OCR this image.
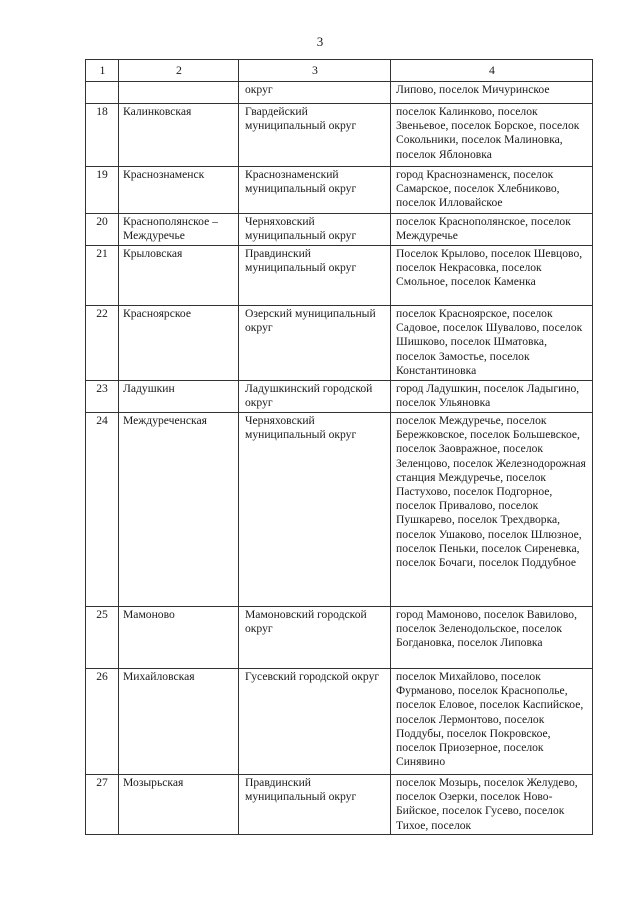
3
1	2	3	4
		округ	Липово, поселок Мичуринское
18	Калинковская	Гвардейский муниципальный округ	поселок Калинково, поселок Звеньевое, поселок Борское, поселок Сокольники, поселок Малиновка, поселок Яблоновка
19	Краснознаменск	Краснознаменский муниципальный округ	город Краснознаменск, поселок Самарское, поселок Хлебниково, поселок Илловайское
20	Краснополянское – Междуречье	Черняховский муниципальный округ	поселок Краснополянское, поселок Междуречье
21	Крыловская	Правдинский муниципальный округ	Поселок Крылово, поселок Шевцово, поселок Некрасовка, поселок Смольное, поселок Каменка
22	Красноярское	Озерский муниципальный округ	поселок Красноярское, поселок Садовое, поселок Шувалово, поселок Шишково, поселок Шматовка, поселок Замостье, поселок Константиновка
23	Ладушкин	Ладушкинский городской округ	город Ладушкин, поселок Ладыгино, поселок Ульяновка
24	Междуреченская	Черняховский муниципальный округ	поселок Междуречье, поселок Бережковское, поселок Большевское, поселок Заовражное, поселок Зеленцово, поселок Железнодорожная станция Междуречье, поселок Пастухово, поселок Подгорное, поселок Привалово, поселок Пушкарево, поселок Трехдворка, поселок Ушаково, поселок Шлюзное, поселок Пеньки, поселок Сиреневка, поселок Бочаги, поселок Поддубное
25	Мамоново	Мамоновский городской округ	город Мамоново, поселок Вавилово, поселок Зеленодольское, поселок Богдановка, поселок Липовка
26	Михайловская	Гусевский городской округ	поселок Михайлово, поселок Фурманово, поселок Краснополье, поселок Еловое, поселок Каспийское, поселок Лермонтово, поселок Поддубы, поселок Покровское, поселок Приозерное, поселок Синявино
27	Мозырьская	Правдинский муниципальный округ	поселок Мозырь, поселок Желудево, поселок Озерки, поселок Ново-Бийское, поселок Гусево, поселок Тихое, поселок
